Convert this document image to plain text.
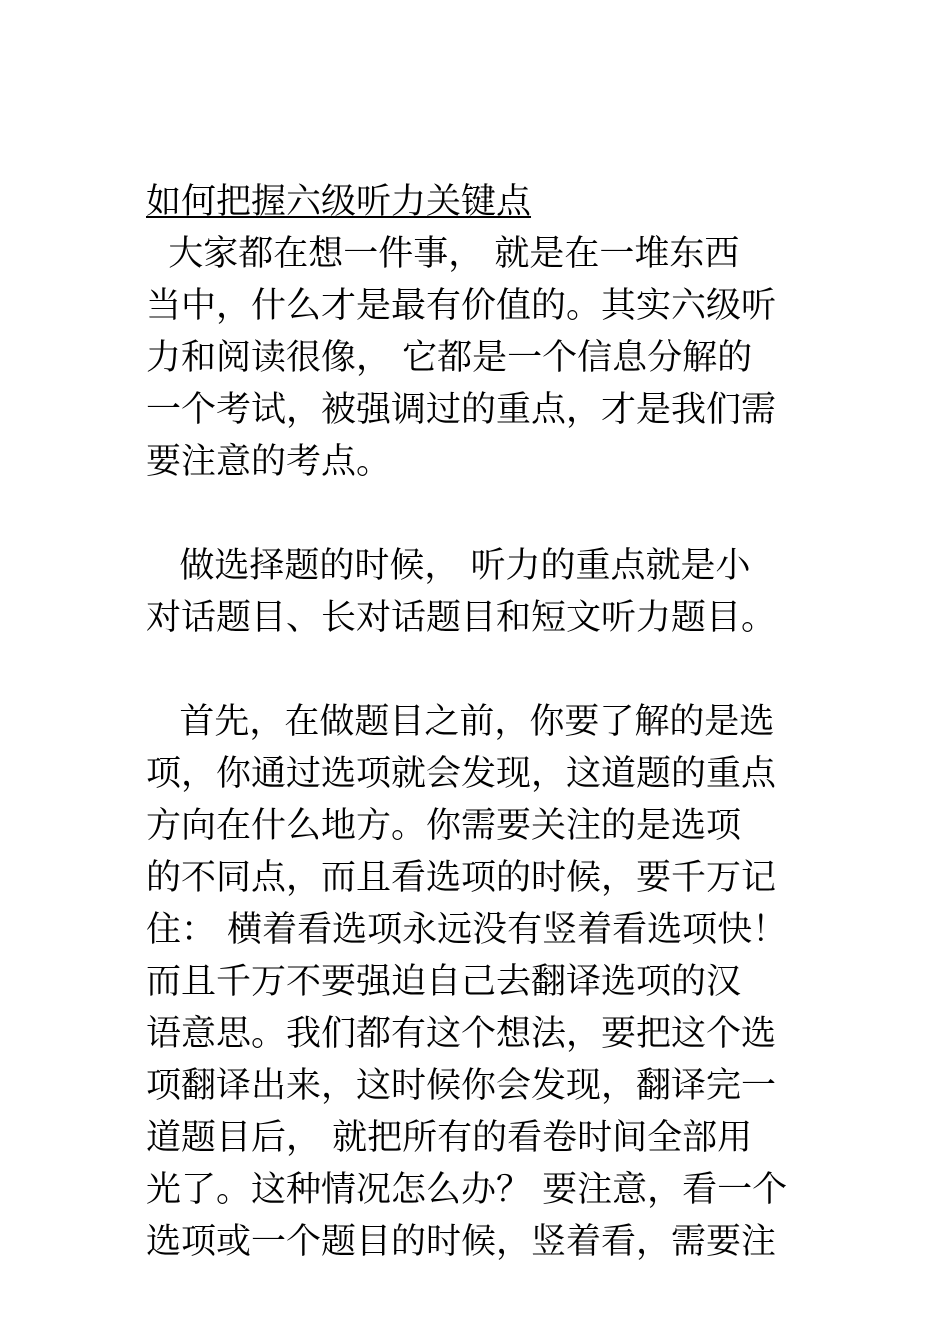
如何把握六级听力关键点
大家都在想一件事， 就是在一堆东西
当中，什么才是最有价值的。其实六级听
力和阅读很像， 它都是一个信息分解的
一个考试，被强调过的重点，才是我们需
要注意的考点。
做选择题的时候， 听力的重点就是小
对话题目、长对话题目和短文听力题目。
首先，在做题目之前，你要了解的是选
项，你通过选项就会发现，这道题的重点
方向在什么地方。你需要关注的是选项
的不同点，而且看选项的时候，要千万记
住： 横着看选项永远没有竖着看选项快！
而且千万不要强迫自己去翻译选项的汉
语意思。我们都有这个想法，要把这个选
项翻译出来，这时候你会发现，翻译完一
道题目后， 就把所有的看卷时间全部用
光了。这种情况怎么办？ 要注意，看一个
选项或一个题目的时候，竖着看，需要注
